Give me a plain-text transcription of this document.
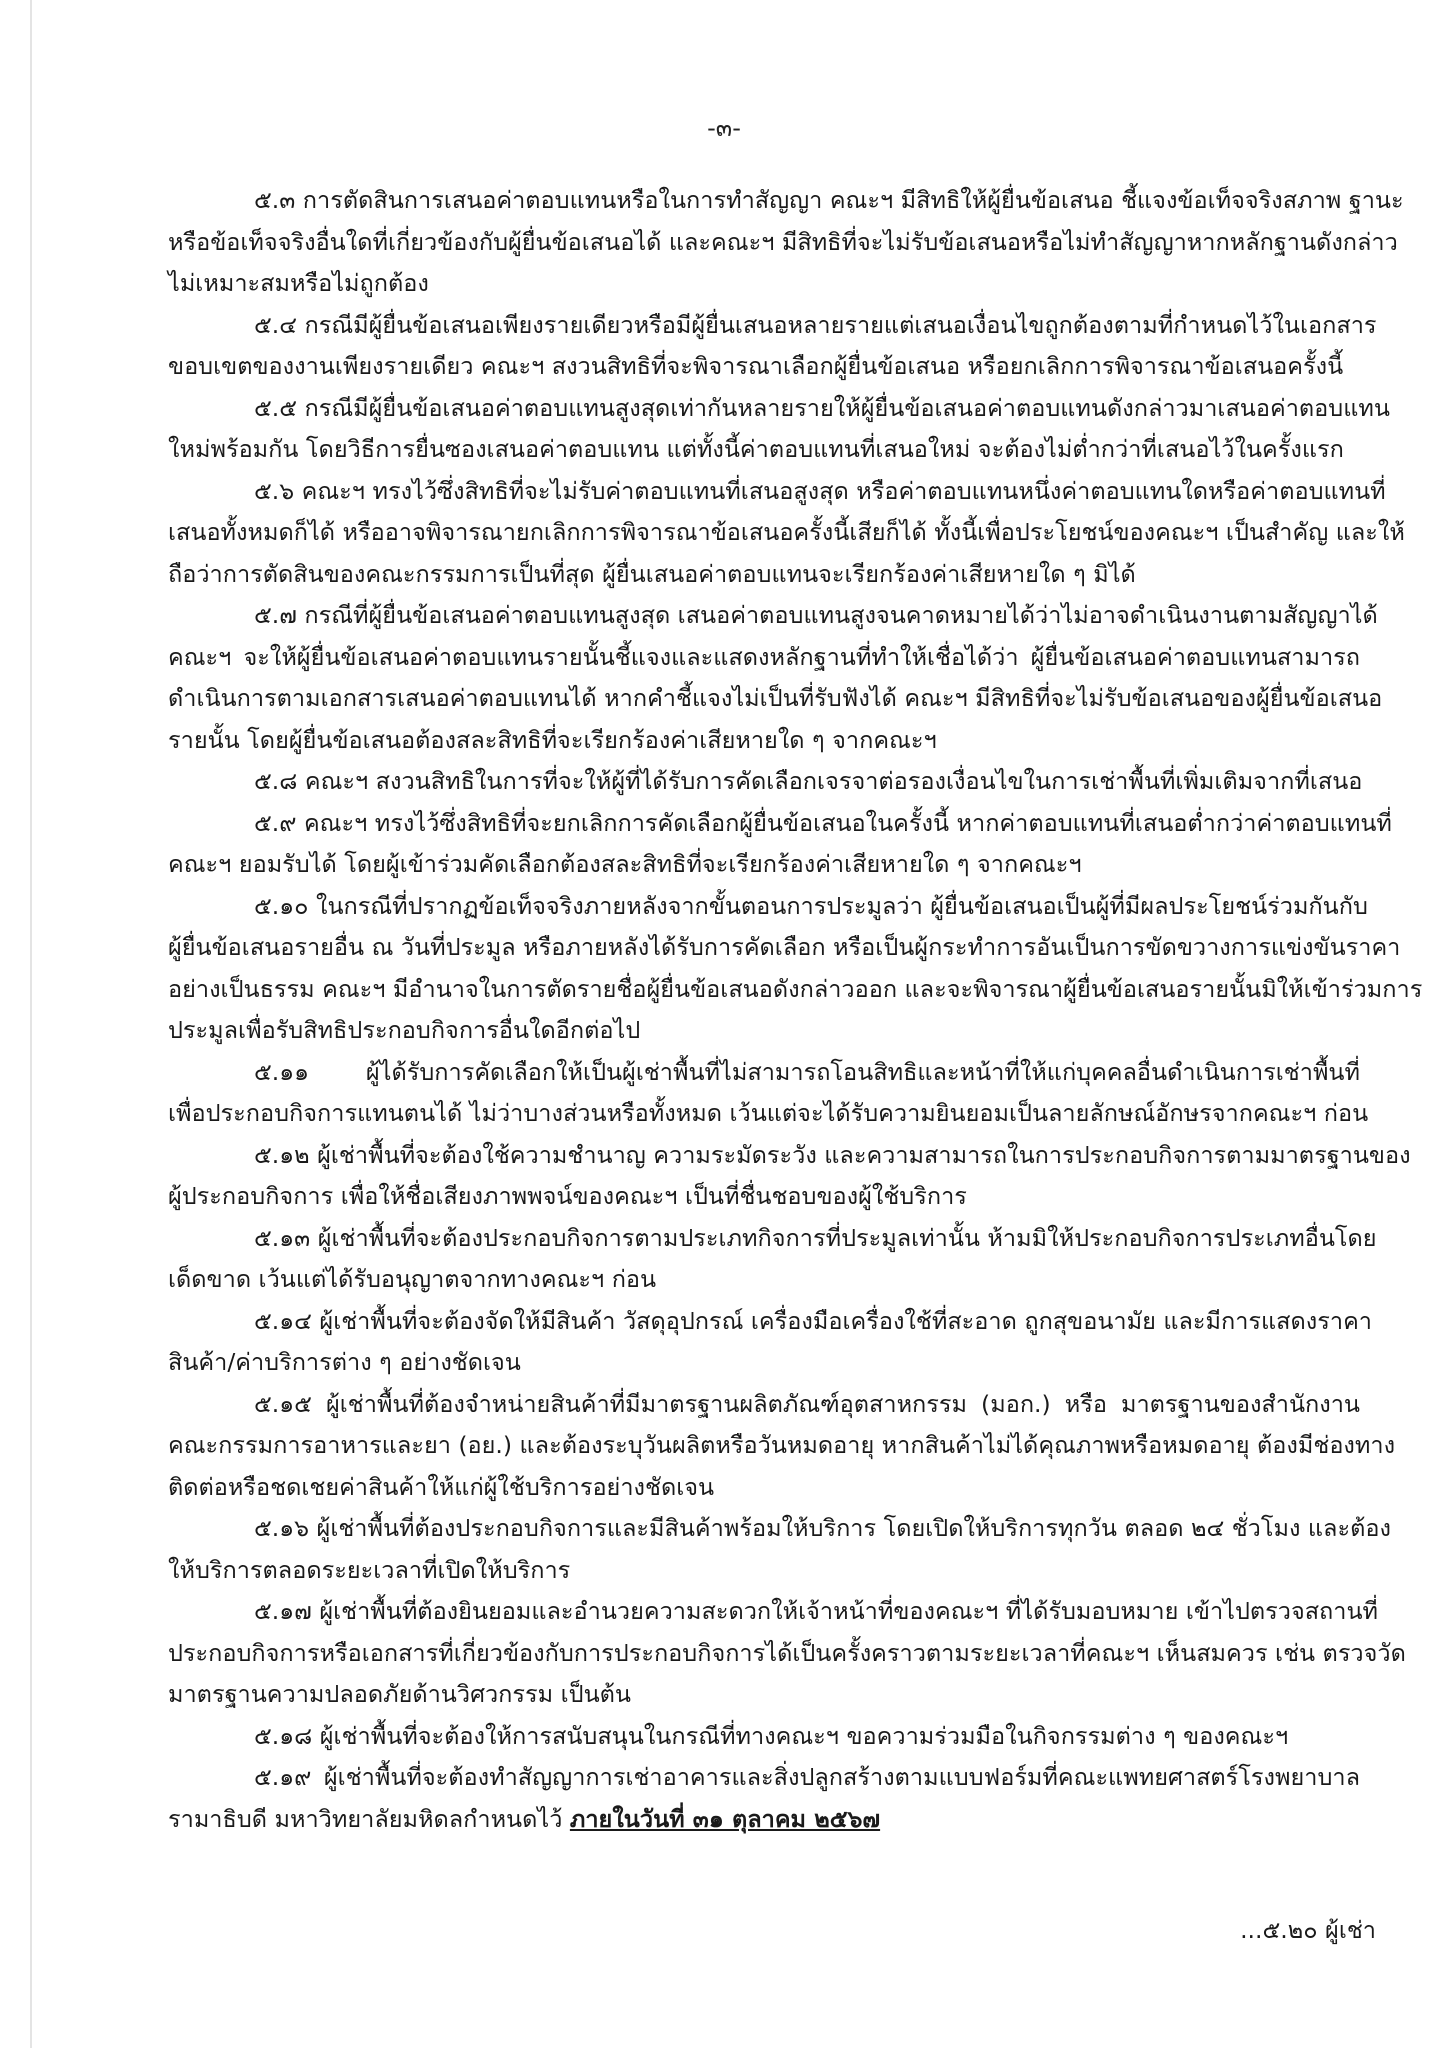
-๓-
๕.๓ การตัดสินการเสนอค่าตอบแทนหรือในการทำสัญญา คณะฯ มีสิทธิให้ผู้ยื่นข้อเสนอ ชี้แจงข้อเท็จจริงสภาพ ฐานะ
หรือข้อเท็จจริงอื่นใดที่เกี่ยวข้องกับผู้ยื่นข้อเสนอได้ และคณะฯ มีสิทธิที่จะไม่รับข้อเสนอหรือไม่ทำสัญญาหากหลักฐานดังกล่าว
ไม่เหมาะสมหรือไม่ถูกต้อง
๕.๔ กรณีมีผู้ยื่นข้อเสนอเพียงรายเดียวหรือมีผู้ยื่นเสนอหลายรายแต่เสนอเงื่อนไขถูกต้องตามที่กำหนดไว้ในเอกสาร
ขอบเขตของงานเพียงรายเดียว คณะฯ สงวนสิทธิที่จะพิจารณาเลือกผู้ยื่นข้อเสนอ หรือยกเลิกการพิจารณาข้อเสนอครั้งนี้
๕.๕ กรณีมีผู้ยื่นข้อเสนอค่าตอบแทนสูงสุดเท่ากันหลายรายให้ผู้ยื่นข้อเสนอค่าตอบแทนดังกล่าวมาเสนอค่าตอบแทน
ใหม่พร้อมกัน โดยวิธีการยื่นซองเสนอค่าตอบแทน แต่ทั้งนี้ค่าตอบแทนที่เสนอใหม่ จะต้องไม่ต่ำกว่าที่เสนอไว้ในครั้งแรก
๕.๖ คณะฯ ทรงไว้ซึ่งสิทธิที่จะไม่รับค่าตอบแทนที่เสนอสูงสุด หรือค่าตอบแทนหนึ่งค่าตอบแทนใดหรือค่าตอบแทนที่
เสนอทั้งหมดก็ได้ หรืออาจพิจารณายกเลิกการพิจารณาข้อเสนอครั้งนี้เสียก็ได้ ทั้งนี้เพื่อประโยชน์ของคณะฯ เป็นสำคัญ และให้
ถือว่าการตัดสินของคณะกรรมการเป็นที่สุด ผู้ยื่นเสนอค่าตอบแทนจะเรียกร้องค่าเสียหายใด ๆ มิได้
๕.๗ กรณีที่ผู้ยื่นข้อเสนอค่าตอบแทนสูงสุด เสนอค่าตอบแทนสูงจนคาดหมายได้ว่าไม่อาจดำเนินงานตามสัญญาได้
คณะฯ จะให้ผู้ยื่นข้อเสนอค่าตอบแทนรายนั้นชี้แจงและแสดงหลักฐานที่ทำให้เชื่อได้ว่า ผู้ยื่นข้อเสนอค่าตอบแทนสามารถ
ดำเนินการตามเอกสารเสนอค่าตอบแทนได้ หากคำชี้แจงไม่เป็นที่รับฟังได้ คณะฯ มีสิทธิที่จะไม่รับข้อเสนอของผู้ยื่นข้อเสนอ
รายนั้น โดยผู้ยื่นข้อเสนอต้องสละสิทธิที่จะเรียกร้องค่าเสียหายใด ๆ จากคณะฯ
๕.๘ คณะฯ สงวนสิทธิในการที่จะให้ผู้ที่ได้รับการคัดเลือกเจรจาต่อรองเงื่อนไขในการเช่าพื้นที่เพิ่มเติมจากที่เสนอ
๕.๙ คณะฯ ทรงไว้ซึ่งสิทธิที่จะยกเลิกการคัดเลือกผู้ยื่นข้อเสนอในครั้งนี้ หากค่าตอบแทนที่เสนอต่ำกว่าค่าตอบแทนที่
คณะฯ ยอมรับได้ โดยผู้เข้าร่วมคัดเลือกต้องสละสิทธิที่จะเรียกร้องค่าเสียหายใด ๆ จากคณะฯ
๕.๑๐ ในกรณีที่ปรากฏข้อเท็จจริงภายหลังจากขั้นตอนการประมูลว่า ผู้ยื่นข้อเสนอเป็นผู้ที่มีผลประโยชน์ร่วมกันกับ
ผู้ยื่นข้อเสนอรายอื่น ณ วันที่ประมูล หรือภายหลังได้รับการคัดเลือก หรือเป็นผู้กระทำการอันเป็นการขัดขวางการแข่งขันราคา
อย่างเป็นธรรม คณะฯ มีอำนาจในการตัดรายชื่อผู้ยื่นข้อเสนอดังกล่าวออก และจะพิจารณาผู้ยื่นข้อเสนอรายนั้นมิให้เข้าร่วมการ
ประมูลเพื่อรับสิทธิประกอบกิจการอื่นใดอีกต่อไป
๕.๑๑ ผู้ได้รับการคัดเลือกให้เป็นผู้เช่าพื้นที่ไม่สามารถโอนสิทธิและหน้าที่ให้แก่บุคคลอื่นดำเนินการเช่าพื้นที่
เพื่อประกอบกิจการแทนตนได้ ไม่ว่าบางส่วนหรือทั้งหมด เว้นแต่จะได้รับความยินยอมเป็นลายลักษณ์อักษรจากคณะฯ ก่อน
๕.๑๒ ผู้เช่าพื้นที่จะต้องใช้ความชำนาญ ความระมัดระวัง และความสามารถในการประกอบกิจการตามมาตรฐานของ
ผู้ประกอบกิจการ เพื่อให้ชื่อเสียงภาพพจน์ของคณะฯ เป็นที่ชื่นชอบของผู้ใช้บริการ
๕.๑๓ ผู้เช่าพื้นที่จะต้องประกอบกิจการตามประเภทกิจการที่ประมูลเท่านั้น ห้ามมิให้ประกอบกิจการประเภทอื่นโดย
เด็ดขาด เว้นแต่ได้รับอนุญาตจากทางคณะฯ ก่อน
๕.๑๔ ผู้เช่าพื้นที่จะต้องจัดให้มีสินค้า วัสดุอุปกรณ์ เครื่องมือเครื่องใช้ที่สะอาด ถูกสุขอนามัย และมีการแสดงราคา
สินค้า/ค่าบริการต่าง ๆ อย่างชัดเจน
๕.๑๕ ผู้เช่าพื้นที่ต้องจำหน่ายสินค้าที่มีมาตรฐานผลิตภัณฑ์อุตสาหกรรม (มอก.) หรือ มาตรฐานของสำนักงาน
คณะกรรมการอาหารและยา (อย.) และต้องระบุวันผลิตหรือวันหมดอายุ หากสินค้าไม่ได้คุณภาพหรือหมดอายุ ต้องมีช่องทาง
ติดต่อหรือชดเชยค่าสินค้าให้แก่ผู้ใช้บริการอย่างชัดเจน
๕.๑๖ ผู้เช่าพื้นที่ต้องประกอบกิจการและมีสินค้าพร้อมให้บริการ โดยเปิดให้บริการทุกวัน ตลอด ๒๔ ชั่วโมง และต้อง
ให้บริการตลอดระยะเวลาที่เปิดให้บริการ
๕.๑๗ ผู้เช่าพื้นที่ต้องยินยอมและอำนวยความสะดวกให้เจ้าหน้าที่ของคณะฯ ที่ได้รับมอบหมาย เข้าไปตรวจสถานที่
ประกอบกิจการหรือเอกสารที่เกี่ยวข้องกับการประกอบกิจการได้เป็นครั้งคราวตามระยะเวลาที่คณะฯ เห็นสมควร เช่น ตรวจวัด
มาตรฐานความปลอดภัยด้านวิศวกรรม เป็นต้น
๕.๑๘ ผู้เช่าพื้นที่จะต้องให้การสนับสนุนในกรณีที่ทางคณะฯ ขอความร่วมมือในกิจกรรมต่าง ๆ ของคณะฯ
๕.๑๙ ผู้เช่าพื้นที่จะต้องทำสัญญาการเช่าอาคารและสิ่งปลูกสร้างตามแบบฟอร์มที่คณะแพทยศาสตร์โรงพยาบาล
รามาธิบดี มหาวิทยาลัยมหิดลกำหนดไว้ ภายในวันที่ ๓๑ ตุลาคม ๒๕๖๗
...๕.๒๐ ผู้เช่า
